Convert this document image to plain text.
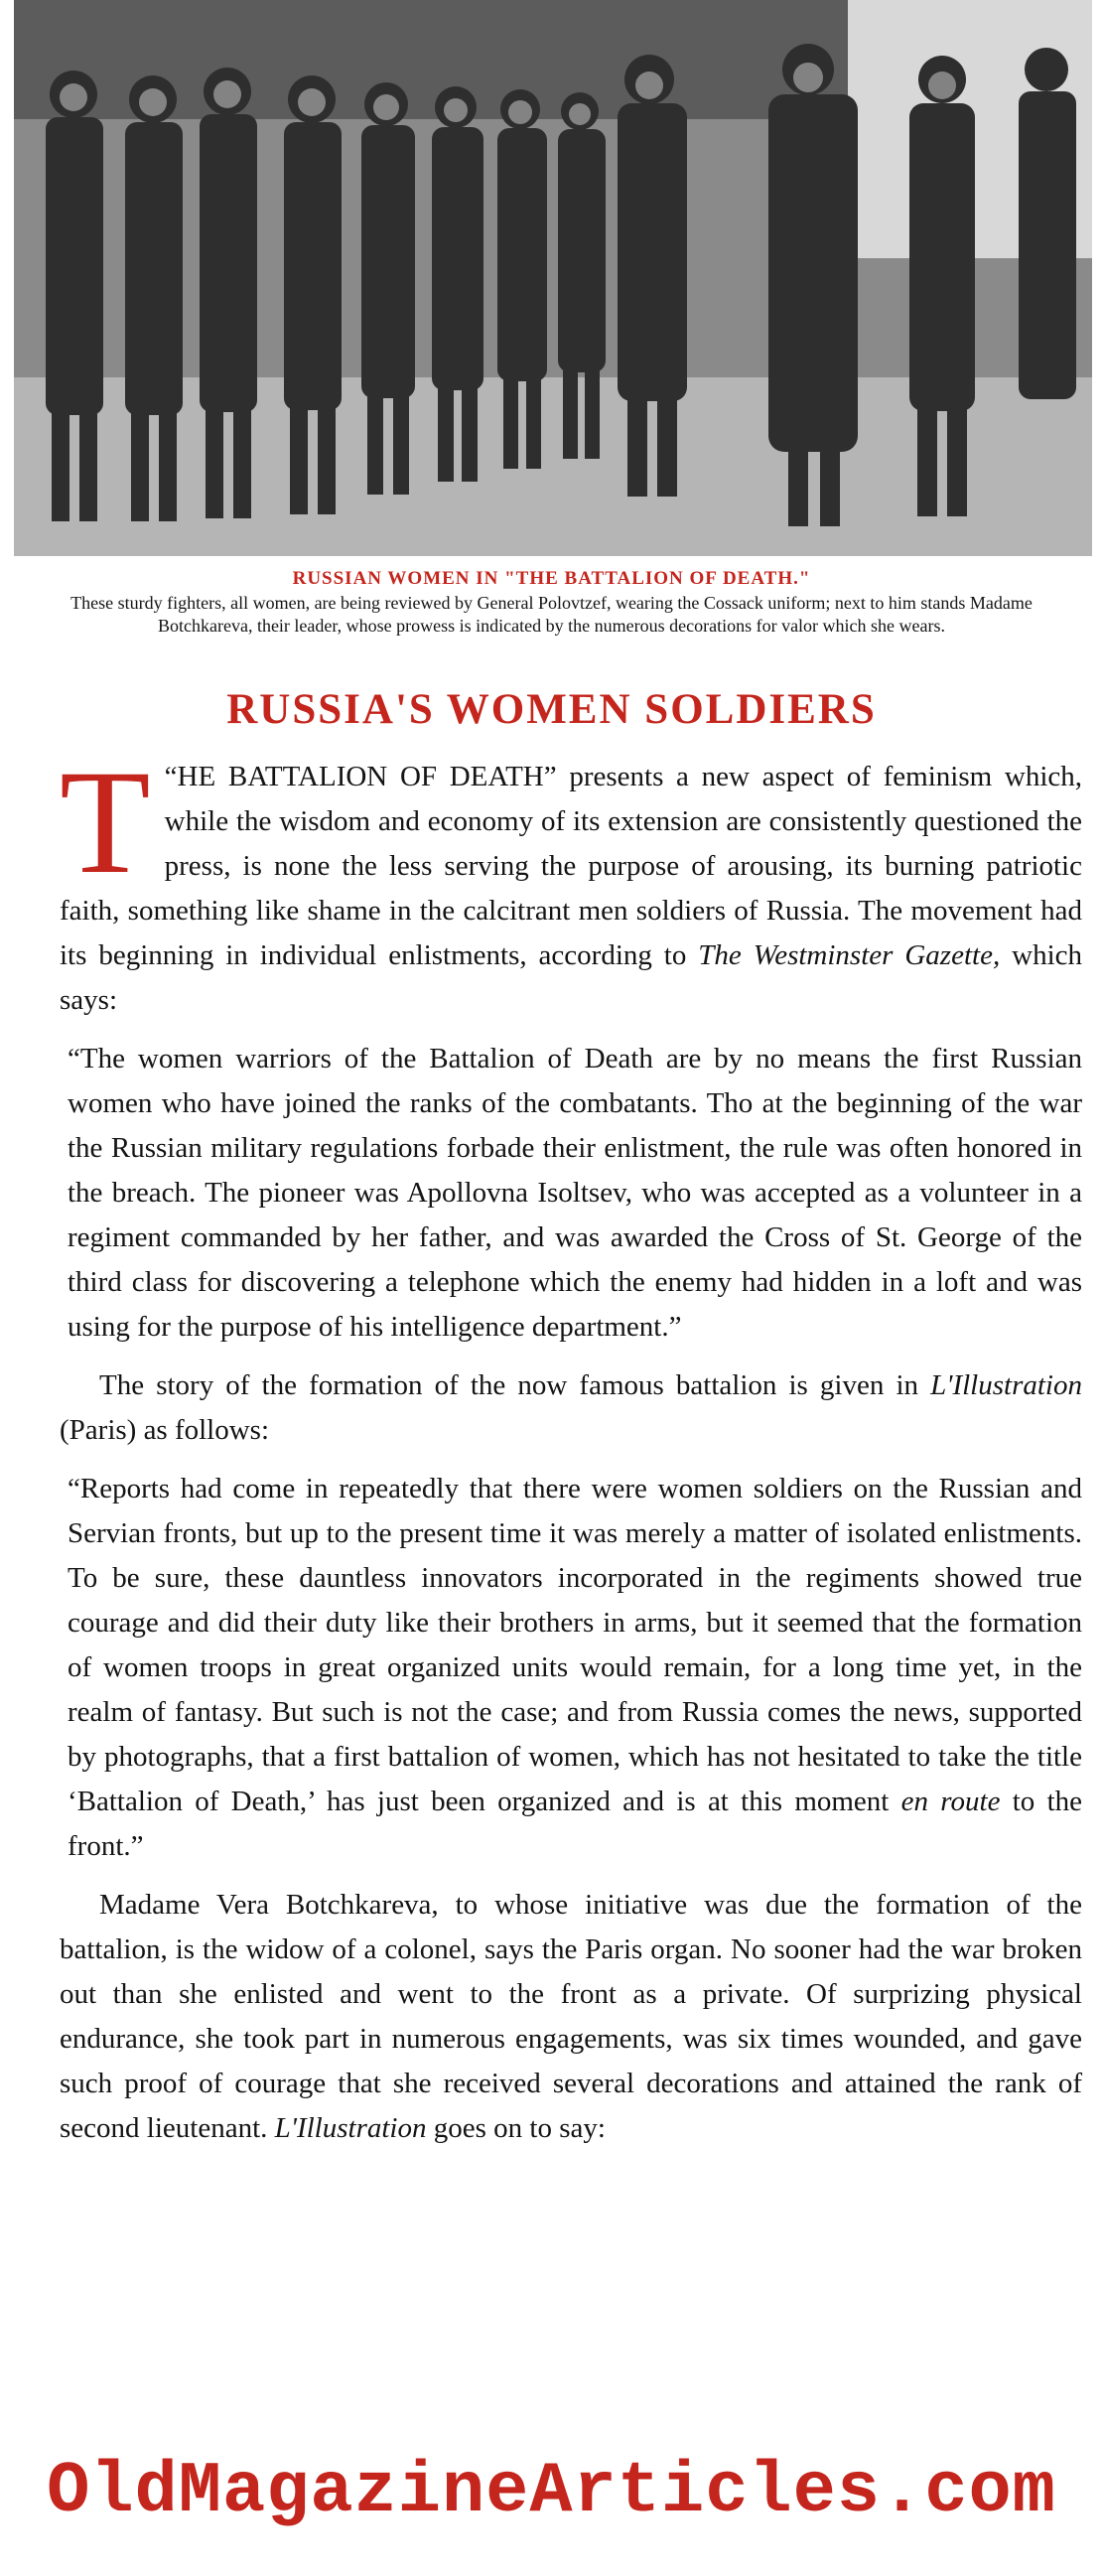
RUSSIAN WOMEN IN "THE BATTALION OF DEATH."
These sturdy fighters, all women, are being reviewed by General Polovtzef, wearing the Cossack uniform; next to him stands Madame Botchkareva, their leader, whose prowess is indicated by the numerous decorations for valor which she wears.
RUSSIA'S WOMEN SOLDIERS

T “HE BATTALION OF DEATH” presents a new aspect of feminism which, while the wisdom and economy of its extension are consistently questioned the press, is none the less serving the purpose of arousing, its burning patriotic faith, something like shame in the calcitrant men soldiers of Russia. The movement had its beginning in individual enlistments, according to The Westminster Gazette, which says:

“The women warriors of the Battalion of Death are by no means the first Russian women who have joined the ranks of the combatants. Tho at the beginning of the war the Russian military regulations forbade their enlistment, the rule was often honored in the breach. The pioneer was Apollovna Isoltsev, who was accepted as a volunteer in a regiment commanded by her father, and was awarded the Cross of St. George of the third class for discovering a telephone which the enemy had hidden in a loft and was using for the purpose of his intelligence department.”

The story of the formation of the now famous battalion is given in L'Illustration (Paris) as follows:

“Reports had come in repeatedly that there were women soldiers on the Russian and Servian fronts, but up to the present time it was merely a matter of isolated enlistments. To be sure, these dauntless innovators incorporated in the regiments showed true courage and did their duty like their brothers in arms, but it seemed that the formation of women troops in great organized units would remain, for a long time yet, in the realm of fantasy. But such is not the case; and from Russia comes the news, supported by photographs, that a first battalion of women, which has not hesitated to take the title ‘Battalion of Death,’ has just been organized and is at this moment en route to the front.”

Madame Vera Botchkareva, to whose initiative was due the formation of the battalion, is the widow of a colonel, says the Paris organ. No sooner had the war broken out than she enlisted and went to the front as a private. Of surprizing physical endurance, she took part in numerous engagements, was six times wounded, and gave such proof of courage that she received several decorations and attained the rank of second lieutenant. L'Illustration goes on to say:

OldMagazineArticles.com
